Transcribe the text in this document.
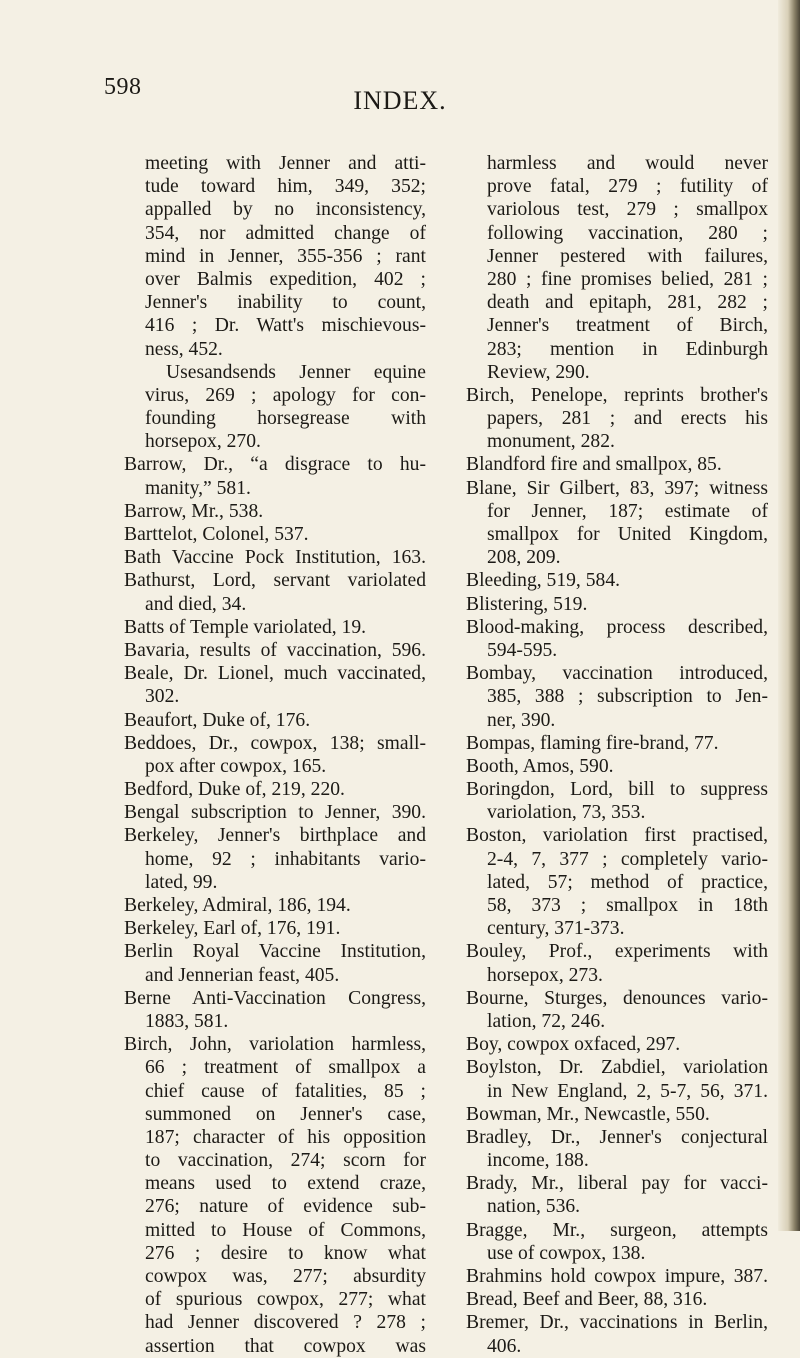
598	INDEX.
meeting with Jenner and atti-
tude toward him, 349, 352;
appalled by no inconsistency,
354, nor admitted change of
mind in Jenner, 355-356 ; rant
over Balmis expedition, 402 ;
Jenner's inability to count,
416 ; Dr. Watt's mischievous-
ness, 452.
Usesandsends Jenner equine
virus, 269 ; apology for con-
founding horsegrease with
horsepox, 270.
Barrow, Dr., “a disgrace to hu-
manity,” 581.
Barrow, Mr., 538.
Barttelot, Colonel, 537.
Bath Vaccine Pock Institution, 163.
Bathurst, Lord, servant variolated
and died, 34.
Batts of Temple variolated, 19.
Bavaria, results of vaccination, 596.
Beale, Dr. Lionel, much vaccinated,
302.
Beaufort, Duke of, 176.
Beddoes, Dr., cowpox, 138; small-
pox after cowpox, 165.
Bedford, Duke of, 219, 220.
Bengal subscription to Jenner, 390.
Berkeley, Jenner's birthplace and
home, 92 ; inhabitants vario-
lated, 99.
Berkeley, Admiral, 186, 194.
Berkeley, Earl of, 176, 191.
Berlin Royal Vaccine Institution,
and Jennerian feast, 405.
Berne Anti-Vaccination Congress,
1883, 581.
Birch, John, variolation harmless,
66 ; treatment of smallpox a
chief cause of fatalities, 85 ;
summoned on Jenner's case,
187; character of his opposition
to vaccination, 274; scorn for
means used to extend craze,
276; nature of evidence sub-
mitted to House of Commons,
276 ; desire to know what
cowpox was, 277; absurdity
of spurious cowpox, 277; what
had Jenner discovered ? 278 ;
assertion that cowpox was
harmless and would never
prove fatal, 279 ; futility of
variolous test, 279 ; smallpox
following vaccination, 280 ;
Jenner pestered with failures,
280 ; fine promises belied, 281 ;
death and epitaph, 281, 282 ;
Jenner's treatment of Birch,
283; mention in Edinburgh
Review, 290.
Birch, Penelope, reprints brother's
papers, 281 ; and erects his
monument, 282.
Blandford fire and smallpox, 85.
Blane, Sir Gilbert, 83, 397; witness
for Jenner, 187; estimate of
smallpox for United Kingdom,
208, 209.
Bleeding, 519, 584.
Blistering, 519.
Blood-making, process described,
594-595.
Bombay, vaccination introduced,
385, 388 ; subscription to Jen-
ner, 390.
Bompas, flaming fire-brand, 77.
Booth, Amos, 590.
Boringdon, Lord, bill to suppress
variolation, 73, 353.
Boston, variolation first practised,
2-4, 7, 377 ; completely vario-
lated, 57; method of practice,
58, 373 ; smallpox in 18th
century, 371-373.
Bouley, Prof., experiments with
horsepox, 273.
Bourne, Sturges, denounces vario-
lation, 72, 246.
Boy, cowpox oxfaced, 297.
Boylston, Dr. Zabdiel, variolation
in New England, 2, 5-7, 56, 371.
Bowman, Mr., Newcastle, 550.
Bradley, Dr., Jenner's conjectural
income, 188.
Brady, Mr., liberal pay for vacci-
nation, 536.
Bragge, Mr., surgeon, attempts
use of cowpox, 138.
Brahmins hold cowpox impure, 387.
Bread, Beef and Beer, 88, 316.
Bremer, Dr., vaccinations in Berlin,
406.
